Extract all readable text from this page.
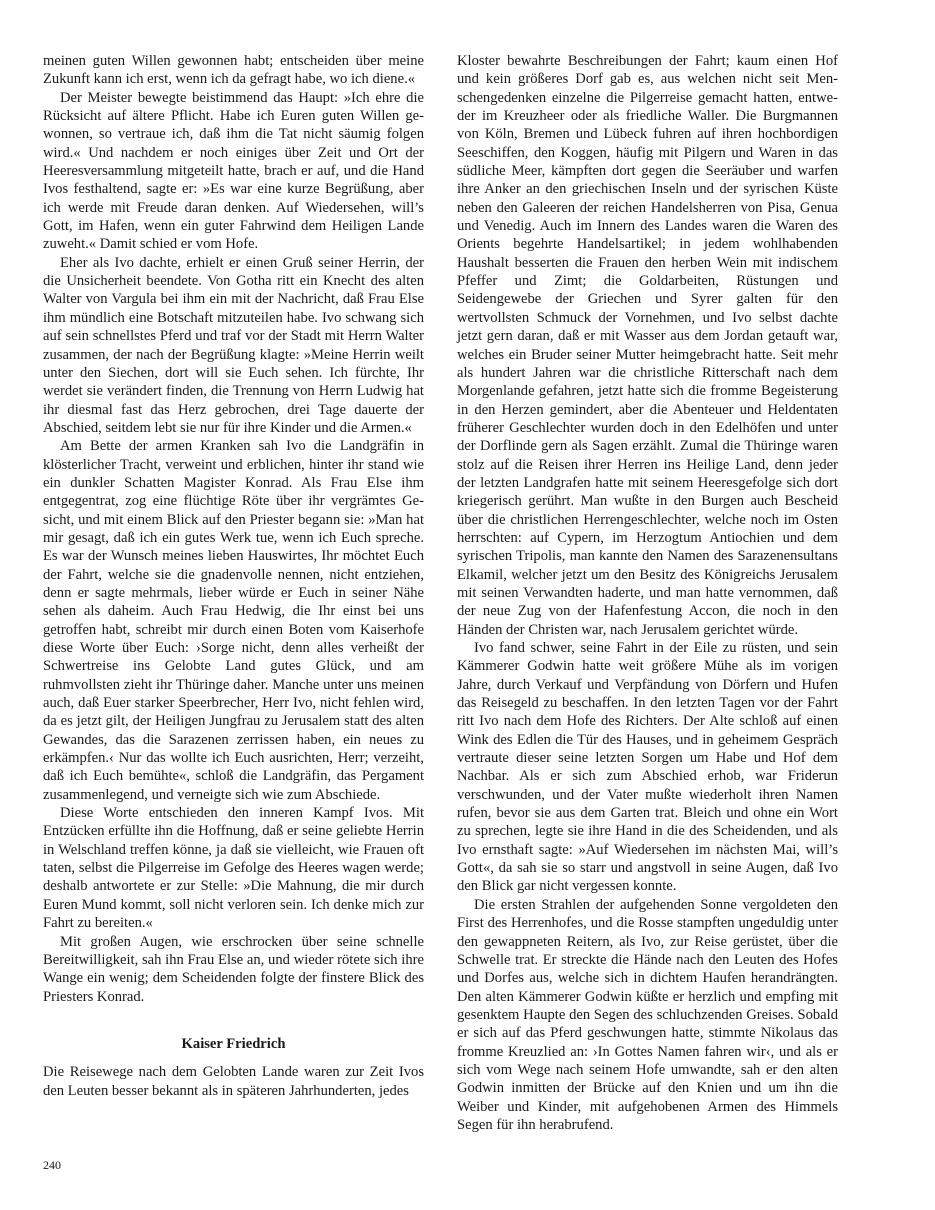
meinen guten Willen gewonnen habt; entscheiden über meine Zukunft kann ich erst, wenn ich da gefragt habe, wo ich diene.«

Der Meister bewegte beistimmend das Haupt: »Ich ehre die Rücksicht auf ältere Pflicht. Habe ich Euren guten Willen gewonnen, so vertraue ich, daß ihm die Tat nicht säumig folgen wird.« Und nachdem er noch einiges über Zeit und Ort der Heeresversammlung mitgeteilt hatte, brach er auf, und die Hand Ivos festhaltend, sagte er: »Es war eine kurze Begrüßung, aber ich werde mit Freude daran denken. Auf Wiedersehen, will’s Gott, im Hafen, wenn ein guter Fahrwind dem Heiligen Lande zuweht.« Damit schied er vom Hofe.

Eher als Ivo dachte, erhielt er einen Gruß seiner Herrin, der die Unsicherheit beendete. Von Gotha ritt ein Knecht des alten Walter von Vargula bei ihm ein mit der Nachricht, daß Frau Else ihm mündlich eine Botschaft mitzuteilen habe. Ivo schwang sich auf sein schnellstes Pferd und traf vor der Stadt mit Herrn Walter zusammen, der nach der Begrüßung klagte: »Meine Herrin weilt unter den Siechen, dort will sie Euch sehen. Ich fürchte, Ihr werdet sie verändert finden, die Trennung von Herrn Ludwig hat ihr diesmal fast das Herz gebrochen, drei Tage dauerte der Abschied, seitdem lebt sie nur für ihre Kinder und die Armen.«

Am Bette der armen Kranken sah Ivo die Landgräfin in klösterlicher Tracht, verweint und erblichen, hinter ihr stand wie ein dunkler Schatten Magister Konrad. Als Frau Else ihm entgegentrat, zog eine flüchtige Röte über ihr vergrämtes Gesicht, und mit einem Blick auf den Priester begann sie: »Man hat mir gesagt, daß ich ein gutes Werk tue, wenn ich Euch spreche. Es war der Wunsch meines lieben Hauswirtes, Ihr möchtet Euch der Fahrt, welche sie die gnadenvolle nennen, nicht entziehen, denn er sagte mehrmals, lieber würde er Euch in seiner Nähe sehen als daheim. Auch Frau Hedwig, die Ihr einst bei uns getroffen habt, schreibt mir durch einen Boten vom Kaiserhofe diese Worte über Euch: ›Sorge nicht, denn alles verheißt der Schwertreise ins Gelobte Land gutes Glück, und am ruhmvollsten zieht ihr Thüringe daher. Manche unter uns meinen auch, daß Euer starker Speerbrecher, Herr Ivo, nicht fehlen wird, da es jetzt gilt, der Heiligen Jungfrau zu Jerusalem statt des alten Gewandes, das die Sarazenen zerrissen haben, ein neues zu erkämpfen.‹ Nur das wollte ich Euch ausrichten, Herr; verzeiht, daß ich Euch bemühte«, schloß die Landgräfin, das Pergament zusammenlegend, und verneigte sich wie zum Abschiede.

Diese Worte entschieden den inneren Kampf Ivos. Mit Entzücken erfüllte ihn die Hoffnung, daß er seine geliebte Herrin in Welschland treffen könne, ja daß sie vielleicht, wie Frauen oft taten, selbst die Pilgerreise im Gefolge des Heeres wagen werde; deshalb antwortete er zur Stelle: »Die Mahnung, die mir durch Euren Mund kommt, soll nicht verloren sein. Ich denke mich zur Fahrt zu bereiten.«

Mit großen Augen, wie erschrocken über seine schnelle Bereitwilligkeit, sah ihn Frau Else an, und wieder rötete sich ihre Wange ein wenig; dem Scheidenden folgte der finstere Blick des Priesters Konrad.

Kaiser Friedrich

Die Reisewege nach dem Gelobten Lande waren zur Zeit Ivos den Leuten besser bekannt als in späteren Jahrhunderten, jedes

Kloster bewahrte Beschreibungen der Fahrt; kaum einen Hof und kein größeres Dorf gab es, aus welchen nicht seit Menschengedenken einzelne die Pilgerreise gemacht hatten, entweder im Kreuzheer oder als friedliche Waller. Die Burgmannen von Köln, Bremen und Lübeck fuhren auf ihren hochbordigen Seeschiffen, den Koggen, häufig mit Pilgern und Waren in das südliche Meer, kämpften dort gegen die Seeräuber und warfen ihre Anker an den griechischen Inseln und der syrischen Küste neben den Galeeren der reichen Handelsherren von Pisa, Genua und Venedig. Auch im Innern des Landes waren die Waren des Orients begehrte Handelsartikel; in jedem wohlhabenden Haushalt besserten die Frauen den herben Wein mit indischem Pfeffer und Zimt; die Goldarbeiten, Rüstungen und Seidengewebe der Griechen und Syrer galten für den wertvollsten Schmuck der Vornehmen, und Ivo selbst dachte jetzt gern daran, daß er mit Wasser aus dem Jordan getauft war, welches ein Bruder seiner Mutter heimgebracht hatte. Seit mehr als hundert Jahren war die christliche Ritterschaft nach dem Morgenlande gefahren, jetzt hatte sich die fromme Begeisterung in den Herzen gemindert, aber die Abenteuer und Heldentaten früherer Geschlechter wurden doch in den Edelhöfen und unter der Dorflinde gern als Sagen erzählt. Zumal die Thüringe waren stolz auf die Reisen ihrer Herren ins Heilige Land, denn jeder der letzten Landgrafen hatte mit seinem Heeresgefolge sich dort kriegerisch gerührt. Man wußte in den Burgen auch Bescheid über die christlichen Herrengeschlechter, welche noch im Osten herrschten: auf Cypern, im Herzogtum Antiochien und dem syrischen Tripolis, man kannte den Namen des Sarazenensultans Elkamil, welcher jetzt um den Besitz des Königreichs Jerusalem mit seinen Verwandten haderte, und man hatte vernommen, daß der neue Zug von der Hafenfestung Accon, die noch in den Händen der Christen war, nach Jerusalem gerichtet würde.

Ivo fand schwer, seine Fahrt in der Eile zu rüsten, und sein Kämmerer Godwin hatte weit größere Mühe als im vorigen Jahre, durch Verkauf und Verpfändung von Dörfern und Hufen das Reisegeld zu beschaffen. In den letzten Tagen vor der Fahrt ritt Ivo nach dem Hofe des Richters. Der Alte schloß auf einen Wink des Edlen die Tür des Hauses, und in geheimem Gespräch vertraute dieser seine letzten Sorgen um Habe und Hof dem Nachbar. Als er sich zum Abschied erhob, war Friderun verschwunden, und der Vater mußte wiederholt ihren Namen rufen, bevor sie aus dem Garten trat. Bleich und ohne ein Wort zu sprechen, legte sie ihre Hand in die des Scheidenden, und als Ivo ernsthaft sagte: »Auf Wiedersehen im nächsten Mai, will’s Gott«, da sah sie so starr und angstvoll in seine Augen, daß Ivo den Blick gar nicht vergessen konnte.

Die ersten Strahlen der aufgehenden Sonne vergoldeten den First des Herrenhofes, und die Rosse stampften ungeduldig unter den gewappneten Reitern, als Ivo, zur Reise gerüstet, über die Schwelle trat. Er streckte die Hände nach den Leuten des Hofes und Dorfes aus, welche sich in dichtem Haufen herandrängten. Den alten Kämmerer Godwin küßte er herzlich und empfing mit gesenktem Haupte den Segen des schluchzenden Greises. Sobald er sich auf das Pferd geschwungen hatte, stimmte Nikolaus das fromme Kreuzlied an: ›In Gottes Namen fahren wir‹, und als er sich vom Wege nach seinem Hofe umwandte, sah er den alten Godwin inmitten der Brücke auf den Knien und um ihn die Weiber und Kinder, mit aufgehobenen Armen des Himmels Segen für ihn herabrufend.

240
